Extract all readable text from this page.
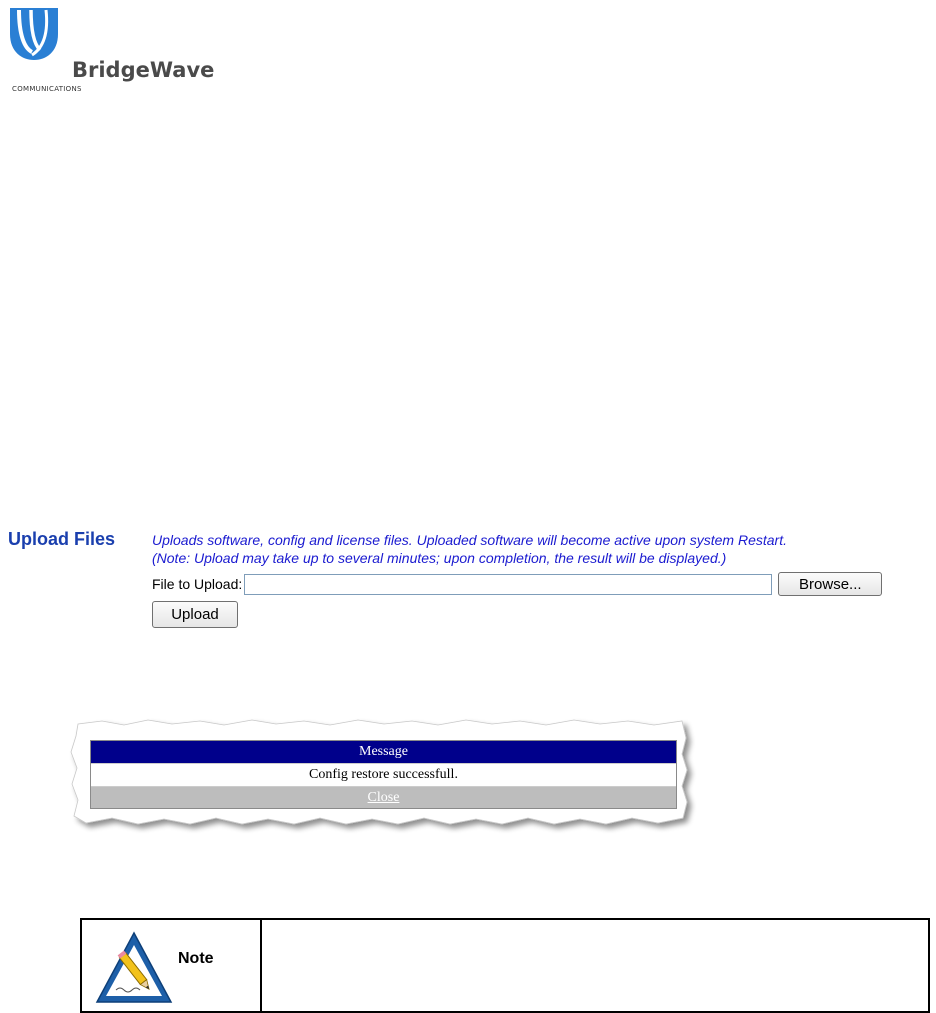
BridgeWave
COMMUNICATIONS
Upload Files	Uploads software, config and license files. Uploaded software will become active upon system Restart.
(Note: Upload may take up to several minutes; upon completion, the result will be displayed.)
File to Upload:	Browse...
Upload
Message
Config restore successfull.
Close
Note
